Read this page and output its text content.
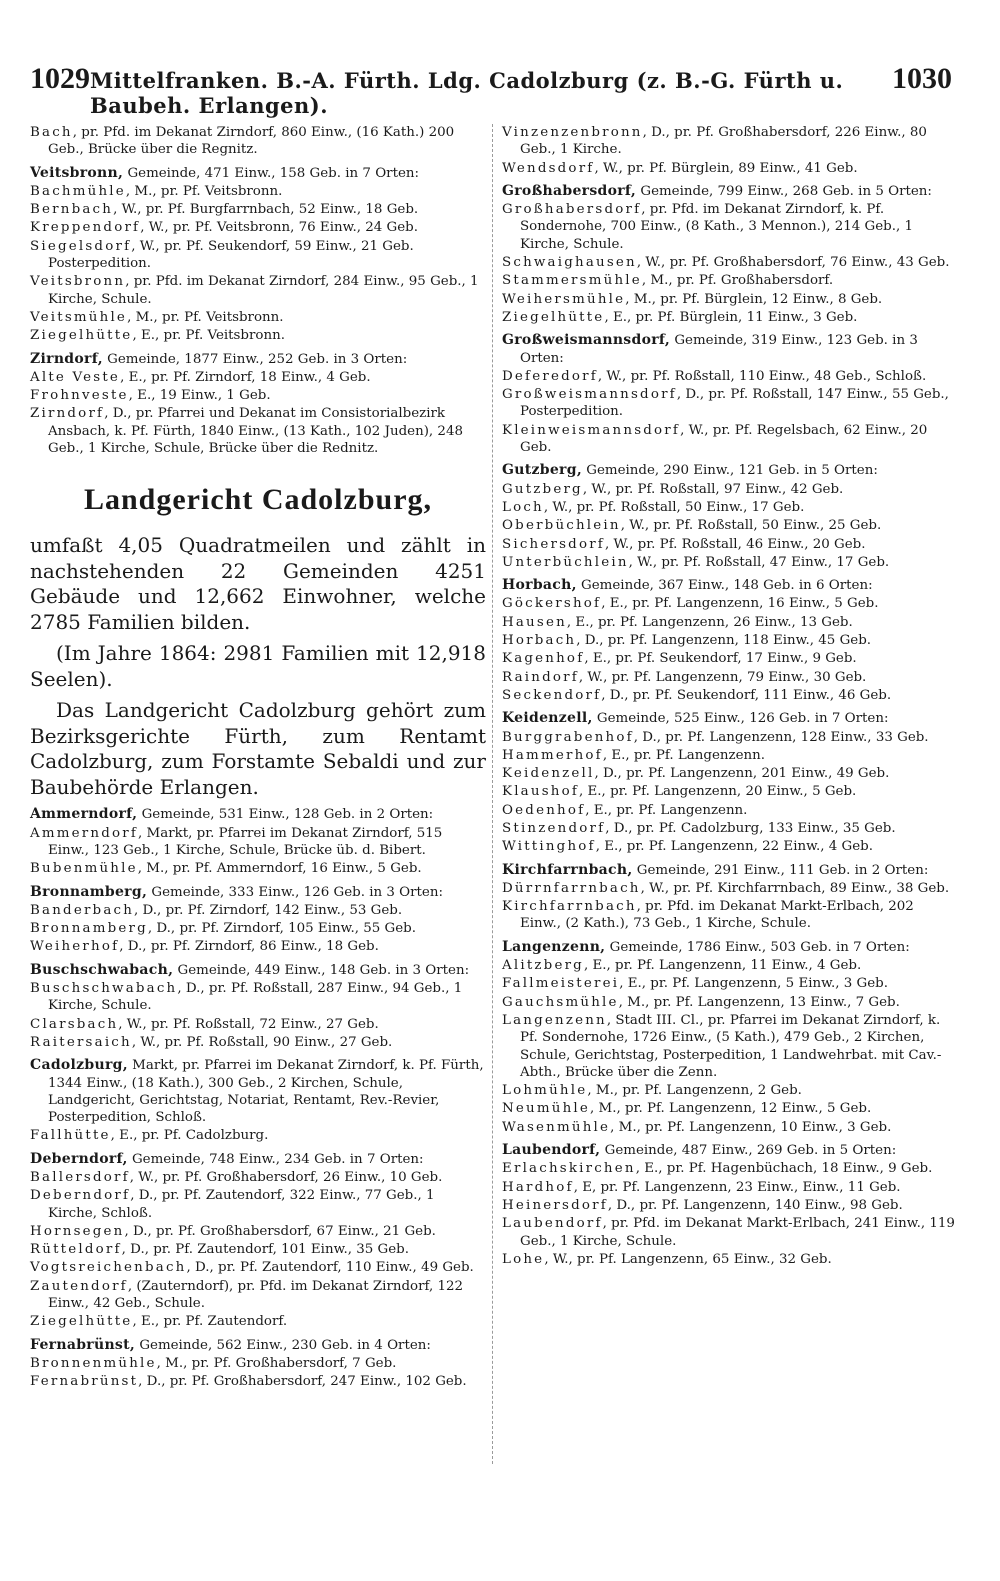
1029 Mittelfranken. B.-A. Fürth. Ldg. Cadolzburg (z. B.-G. Fürth u. Baubeh. Erlangen).
1030

Bach, pr. Pfd. im Dekanat Zirndorf, 860 Einw., (16 Kath.) 200 Geb., Brücke über die Regnitz.

Veitsbronn, Gemeinde, 471 Einw., 158 Geb. in 7 Orten:

Bachmühle, M., pr. Pf. Veitsbronn.

Bernbach, W., pr. Pf. Burgfarrnbach, 52 Einw., 18 Geb.

Kreppendorf, W., pr. Pf. Veitsbronn, 76 Einw., 24 Geb.

Siegelsdorf, W., pr. Pf. Seukendorf, 59 Einw., 21 Geb. Posterpedition.

Veitsbronn, pr. Pfd. im Dekanat Zirndorf, 284 Einw., 95 Geb., 1 Kirche, Schule.

Veitsmühle, M., pr. Pf. Veitsbronn.

Ziegelhütte, E., pr. Pf. Veitsbronn.

Zirndorf, Gemeinde, 1877 Einw., 252 Geb. in 3 Orten:

Alte Veste, E., pr. Pf. Zirndorf, 18 Einw., 4 Geb.

Frohnveste, E., 19 Einw., 1 Geb.

Zirndorf, D., pr. Pfarrei und Dekanat im Consistorialbezirk Ansbach, k. Pf. Fürth, 1840 Einw., (13 Kath., 102 Juden), 248 Geb., 1 Kirche, Schule, Brücke über die Rednitz.

Landgericht Cadolzburg,

umfaßt 4,05 Quadratmeilen und zählt in nachstehenden 22 Gemeinden 4251 Gebäude und 12,662 Einwohner, welche 2785 Familien bilden.

(Im Jahre 1864: 2981 Familien mit 12,918 Seelen).

Das Landgericht Cadolzburg gehört zum Bezirksgerichte Fürth, zum Rentamt Cadolzburg, zum Forstamte Sebaldi und zur Baubehörde Erlangen.

Ammerndorf, Gemeinde, 531 Einw., 128 Geb. in 2 Orten:

Ammerndorf, Markt, pr. Pfarrei im Dekanat Zirndorf, 515 Einw., 123 Geb., 1 Kirche, Schule, Brücke üb. d. Bibert.

Bubenmühle, M., pr. Pf. Ammerndorf, 16 Einw., 5 Geb.

Bronnamberg, Gemeinde, 333 Einw., 126 Geb. in 3 Orten:

Banderbach, D., pr. Pf. Zirndorf, 142 Einw., 53 Geb.

Bronnamberg, D., pr. Pf. Zirndorf, 105 Einw., 55 Geb.

Weiherhof, D., pr. Pf. Zirndorf, 86 Einw., 18 Geb.

Buschschwabach, Gemeinde, 449 Einw., 148 Geb. in 3 Orten:

Buschschwabach, D., pr. Pf. Roßstall, 287 Einw., 94 Geb., 1 Kirche, Schule.

Clarsbach, W., pr. Pf. Roßstall, 72 Einw., 27 Geb.

Raitersaich, W., pr. Pf. Roßstall, 90 Einw., 27 Geb.

Cadolzburg, Markt, pr. Pfarrei im Dekanat Zirndorf, k. Pf. Fürth, 1344 Einw., (18 Kath.), 300 Geb., 2 Kirchen, Schule, Landgericht, Gerichtstag, Notariat, Rentamt, Rev.-Revier, Posterpedition, Schloß.

Fallhütte, E., pr. Pf. Cadolzburg.

Deberndorf, Gemeinde, 748 Einw., 234 Geb. in 7 Orten:

Ballersdorf, W., pr. Pf. Großhabersdorf, 26 Einw., 10 Geb.

Deberndorf, D., pr. Pf. Zautendorf, 322 Einw., 77 Geb., 1 Kirche, Schloß.

Hornsegen, D., pr. Pf. Großhabersdorf, 67 Einw., 21 Geb.

Rütteldorf, D., pr. Pf. Zautendorf, 101 Einw., 35 Geb.

Vogtsreichenbach, D., pr. Pf. Zautendorf, 110 Einw., 49 Geb.

Zautendorf, (Zauterndorf), pr. Pfd. im Dekanat Zirndorf, 122 Einw., 42 Geb., Schule.

Ziegelhütte, E., pr. Pf. Zautendorf.

Fernabrünst, Gemeinde, 562 Einw., 230 Geb. in 4 Orten:

Bronnenmühle, M., pr. Pf. Großhabersdorf, 7 Geb.

Fernabrünst, D., pr. Pf. Großhabersdorf, 247 Einw., 102 Geb.

Vinzenzenbronn, D., pr. Pf. Großhabersdorf, 226 Einw., 80 Geb., 1 Kirche.

Wendsdorf, W., pr. Pf. Bürglein, 89 Einw., 41 Geb.

Großhabersdorf, Gemeinde, 799 Einw., 268 Geb. in 5 Orten:

Großhabersdorf, pr. Pfd. im Dekanat Zirndorf, k. Pf. Sondernohe, 700 Einw., (8 Kath., 3 Mennon.), 214 Geb., 1 Kirche, Schule.

Schwaighausen, W., pr. Pf. Großhabersdorf, 76 Einw., 43 Geb.

Stammersmühle, M., pr. Pf. Großhabersdorf.

Weihersmühle, M., pr. Pf. Bürglein, 12 Einw., 8 Geb.

Ziegelhütte, E., pr. Pf. Bürglein, 11 Einw., 3 Geb.

Großweismannsdorf, Gemeinde, 319 Einw., 123 Geb. in 3 Orten:

Deferedorf, W., pr. Pf. Roßstall, 110 Einw., 48 Geb., Schloß.

Großweismannsdorf, D., pr. Pf. Roßstall, 147 Einw., 55 Geb., Posterpedition.

Kleinweismannsdorf, W., pr. Pf. Regelsbach, 62 Einw., 20 Geb.

Gutzberg, Gemeinde, 290 Einw., 121 Geb. in 5 Orten:

Gutzberg, W., pr. Pf. Roßstall, 97 Einw., 42 Geb.

Loch, W., pr. Pf. Roßstall, 50 Einw., 17 Geb.

Oberbüchlein, W., pr. Pf. Roßstall, 50 Einw., 25 Geb.

Sichersdorf, W., pr. Pf. Roßstall, 46 Einw., 20 Geb.

Unterbüchlein, W., pr. Pf. Roßstall, 47 Einw., 17 Geb.

Horbach, Gemeinde, 367 Einw., 148 Geb. in 6 Orten:

Göckershof, E., pr. Pf. Langenzenn, 16 Einw., 5 Geb.

Hausen, E., pr. Pf. Langenzenn, 26 Einw., 13 Geb.

Horbach, D., pr. Pf. Langenzenn, 118 Einw., 45 Geb.

Kagenhof, E., pr. Pf. Seukendorf, 17 Einw., 9 Geb.

Raindorf, W., pr. Pf. Langenzenn, 79 Einw., 30 Geb.

Seckendorf, D., pr. Pf. Seukendorf, 111 Einw., 46 Geb.

Keidenzell, Gemeinde, 525 Einw., 126 Geb. in 7 Orten:

Burggrabenhof, D., pr. Pf. Langenzenn, 128 Einw., 33 Geb.

Hammerhof, E., pr. Pf. Langenzenn.

Keidenzell, D., pr. Pf. Langenzenn, 201 Einw., 49 Geb.

Klaushof, E., pr. Pf. Langenzenn, 20 Einw., 5 Geb.

Oedenhof, E., pr. Pf. Langenzenn.

Stinzendorf, D., pr. Pf. Cadolzburg, 133 Einw., 35 Geb.

Wittinghof, E., pr. Pf. Langenzenn, 22 Einw., 4 Geb.

Kirchfarrnbach, Gemeinde, 291 Einw., 111 Geb. in 2 Orten:

Dürrnfarrnbach, W., pr. Pf. Kirchfarrnbach, 89 Einw., 38 Geb.

Kirchfarrnbach, pr. Pfd. im Dekanat Markt-Erlbach, 202 Einw., (2 Kath.), 73 Geb., 1 Kirche, Schule.

Langenzenn, Gemeinde, 1786 Einw., 503 Geb. in 7 Orten:

Alitzberg, E., pr. Pf. Langenzenn, 11 Einw., 4 Geb.

Fallmeisterei, E., pr. Pf. Langenzenn, 5 Einw., 3 Geb.

Gauchsmühle, M., pr. Pf. Langenzenn, 13 Einw., 7 Geb.

Langenzenn, Stadt III. Cl., pr. Pfarrei im Dekanat Zirndorf, k. Pf. Sondernohe, 1726 Einw., (5 Kath.), 479 Geb., 2 Kirchen, Schule, Gerichtstag, Posterpedition, 1 Landwehrbat. mit Cav.-Abth., Brücke über die Zenn.

Lohmühle, M., pr. Pf. Langenzenn, 2 Geb.

Neumühle, M., pr. Pf. Langenzenn, 12 Einw., 5 Geb.

Wasenmühle, M., pr. Pf. Langenzenn, 10 Einw., 3 Geb.

Laubendorf, Gemeinde, 487 Einw., 269 Geb. in 5 Orten:

Erlachskirchen, E., pr. Pf. Hagenbüchach, 18 Einw., 9 Geb.

Hardhof, E, pr. Pf. Langenzenn, 23 Einw., Einw., 11 Geb.

Heinersdorf, D., pr. Pf. Langenzenn, 140 Einw., 98 Geb.

Laubendorf, pr. Pfd. im Dekanat Markt-Erlbach, 241 Einw., 119 Geb., 1 Kirche, Schule.

Lohe, W., pr. Pf. Langenzenn, 65 Einw., 32 Geb.
